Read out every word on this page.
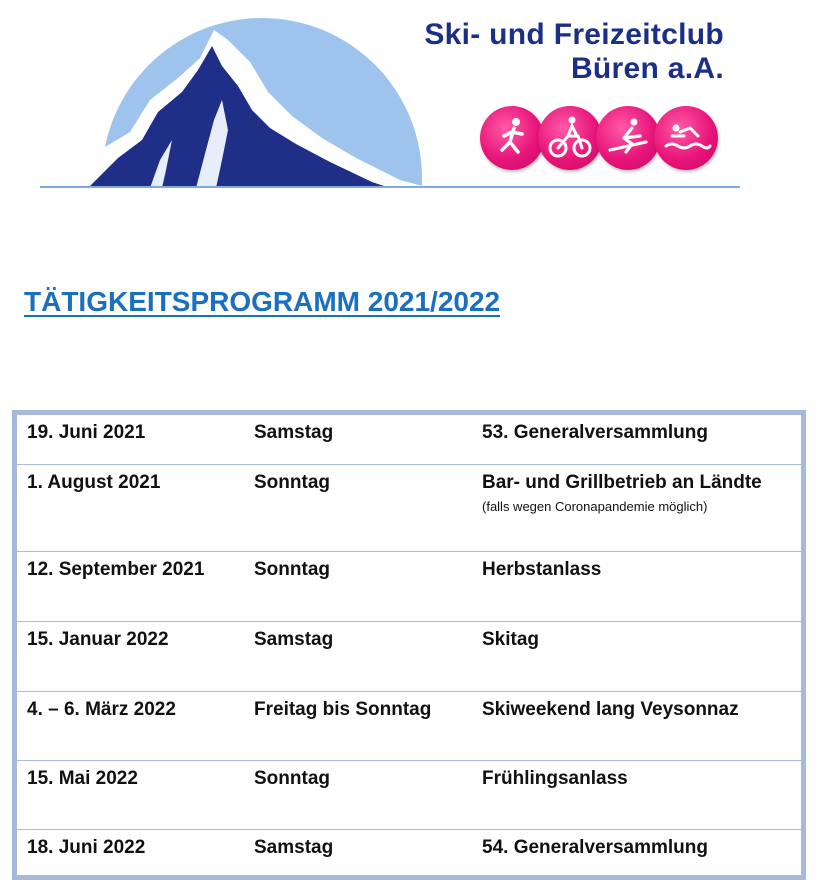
Ski- und Freizeitclub
Büren a.A.
TÄTIGKEITSPROGRAMM 2021/2022
19. Juni 2021	Samstag	53. Generalversammlung
1. August 2021	Sonntag	Bar- und Grillbetrieb an Ländte (falls wegen Coronapandemie möglich)
12. September 2021	Sonntag	Herbstanlass
15. Januar 2022	Samstag	Skitag
4. – 6. März 2022	Freitag bis Sonntag	Skiweekend lang Veysonnaz
15. Mai 2022	Sonntag	Frühlingsanlass
18. Juni 2022	Samstag	54. Generalversammlung
